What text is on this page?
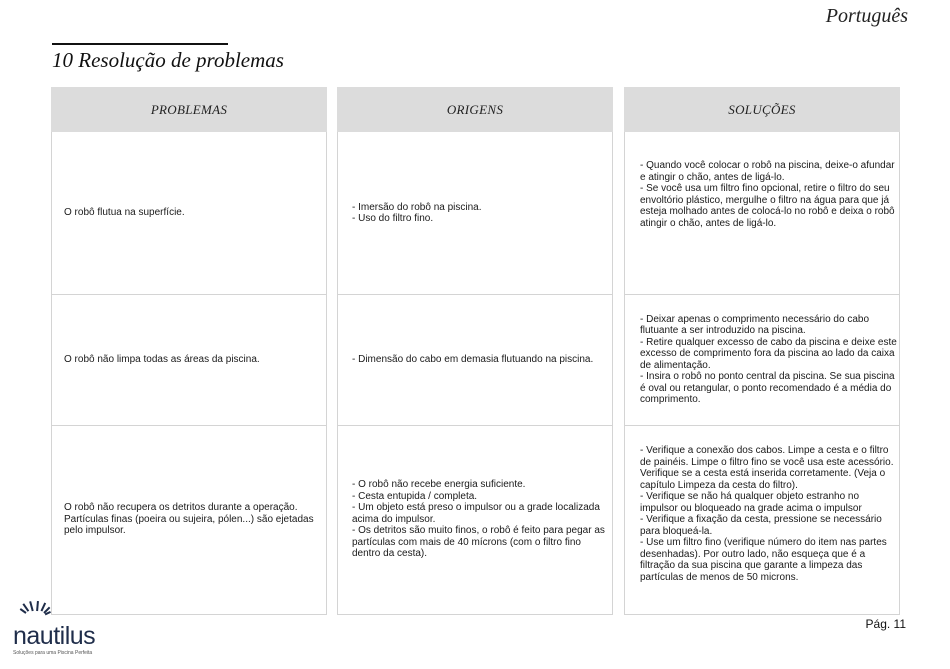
Português
10 Resolução de problemas
PROBLEMAS

O robô flutua na superfície.

O robô não limpa todas as áreas da piscina.

O robô não recupera os detritos durante a operação. Partículas finas (poeira ou sujeira, pólen...) são ejetadas pelo impulsor.

ORIGENS

- Imersão do robô na piscina.
- Uso do filtro fino.

- Dimensão do cabo em demasia flutuando na piscina.

- O robô não recebe energia suficiente.
- Cesta entupida / completa.
- Um objeto está preso o impulsor ou a grade localizada acima do impulsor.
- Os detritos são muito finos, o robô é feito para pegar as partículas com mais de 40 mícrons (com o filtro fino dentro da cesta).

SOLUÇÕES

- Quando você colocar o robô na piscina, deixe-o afundar e atingir o chão, antes de ligá-lo.
- Se você usa um filtro fino opcional, retire o filtro do seu envoltório plástico, mergulhe o filtro na água para que já esteja molhado antes de colocá-lo no robô e deixa o robô atingir o chão, antes de ligá-lo.

- Deixar apenas o comprimento necessário do cabo flutuante a ser introduzido na piscina.
- Retire qualquer excesso de cabo da piscina e deixe este excesso de comprimento fora da piscina ao lado da caixa de alimentação.
- Insira o robô no ponto central da piscina. Se sua piscina é oval ou retangular, o ponto recomendado é a média do comprimento.

- Verifique a conexão dos cabos. Limpe a cesta e o filtro de painéis. Limpe o filtro fino se você usa este acessório. Verifique se a cesta está inserida corretamente. (Veja o capítulo Limpeza da cesta do filtro).
- Verifique se não há qualquer objeto estranho no impulsor ou bloqueado na grade acima o impulsor
- Verifique a fixação da cesta, pressione se necessário para bloqueá-la.
- Use um filtro fino (verifique número do item nas partes desenhadas). Por outro lado, não esqueça que é a filtração da sua piscina que garante a limpeza das partículas de menos de 50 microns.

nautilus
Soluções para uma Piscina Perfeita
Pág. 11
